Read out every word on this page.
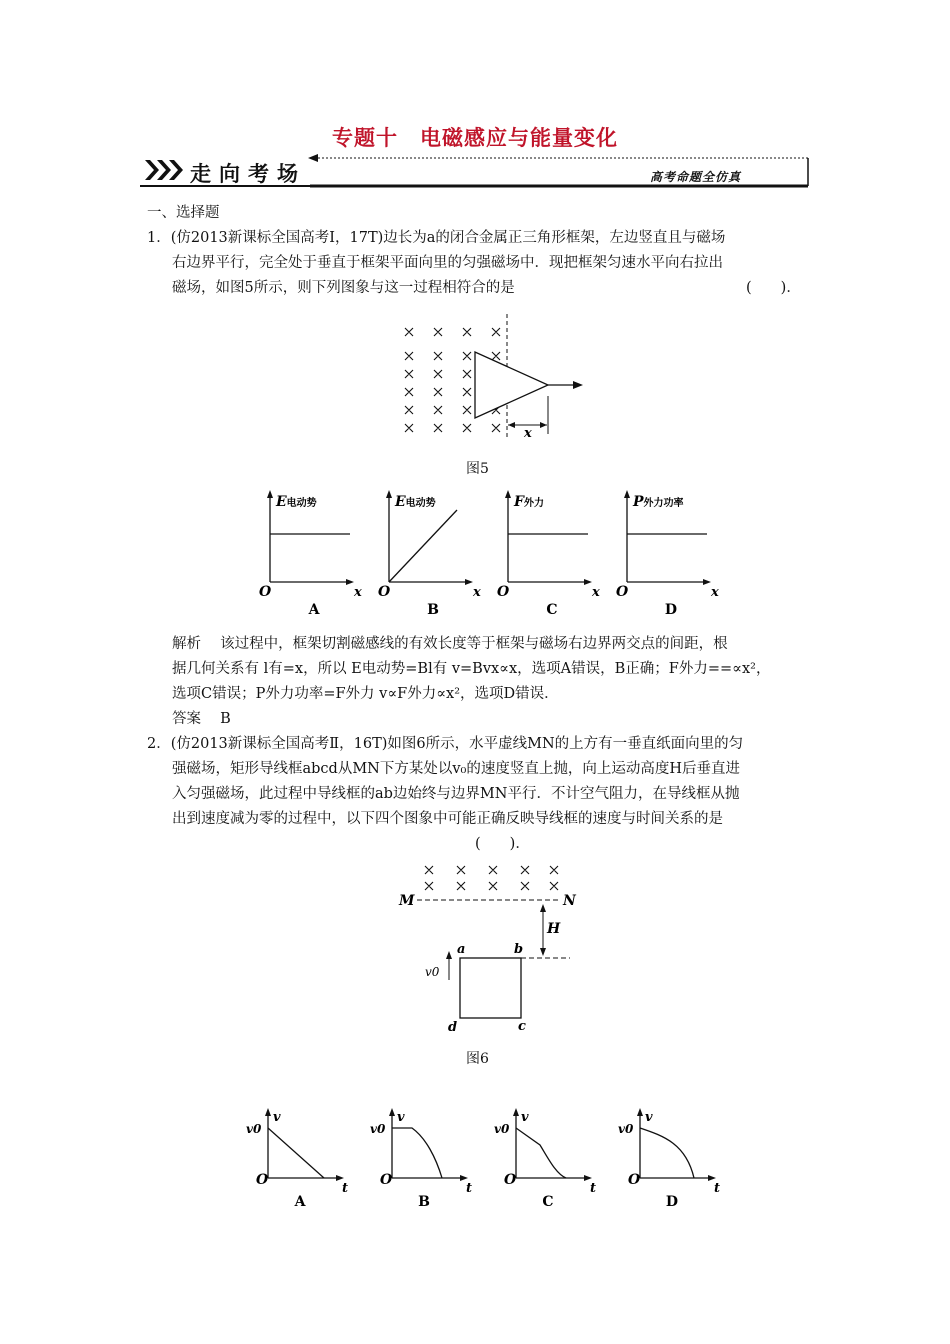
专题十　电磁感应与能量变化
走向考场	高考命题全仿真
一、选择题
1．(仿2013新课标全国高考Ⅰ，17T)边长为a的闭合金属正三角形框架，左边竖直且与磁场
右边界平行，完全处于垂直于框架平面向里的匀强磁场中．现把框架匀速水平向右拉出
磁场，如图5所示，则下列图象与这一过程相符合的是	(　　)．
x
图5
E电动势
O	x
A
E电动势
O	x
B
F外力
O	x
C
P外力功率
O	x
D
解析　 该过程中，框架切割磁感线的有效长度等于框架与磁场右边界两交点的间距，根
据几何关系有 l有=x，所以 E电动势=Bl有 v=Bvx∝x，选项A错误，B正确；F外力==∝x²，
选项C错误；P外力功率=F外力 v∝F外力∝x²，选项D错误．
答案　 B
2．(仿2013新课标全国高考Ⅱ，16T)如图6所示，水平虚线MN的上方有一垂直纸面向里的匀
强磁场，矩形导线框abcd从MN下方某处以v₀的速度竖直上抛，向上运动高度H后垂直进
入匀强磁场，此过程中导线框的ab边始终与边界MN平行．不计空气阻力，在导线框从抛
出到速度减为零的过程中，以下四个图象中可能正确反映导线框的速度与时间关系的是
(　　)．
M	N
H
a	b
d	c
v0
图6
v
v0
O
t
A
v
v0
O
t
B
v
v0
O
t
C
v
v0
O
t
D
